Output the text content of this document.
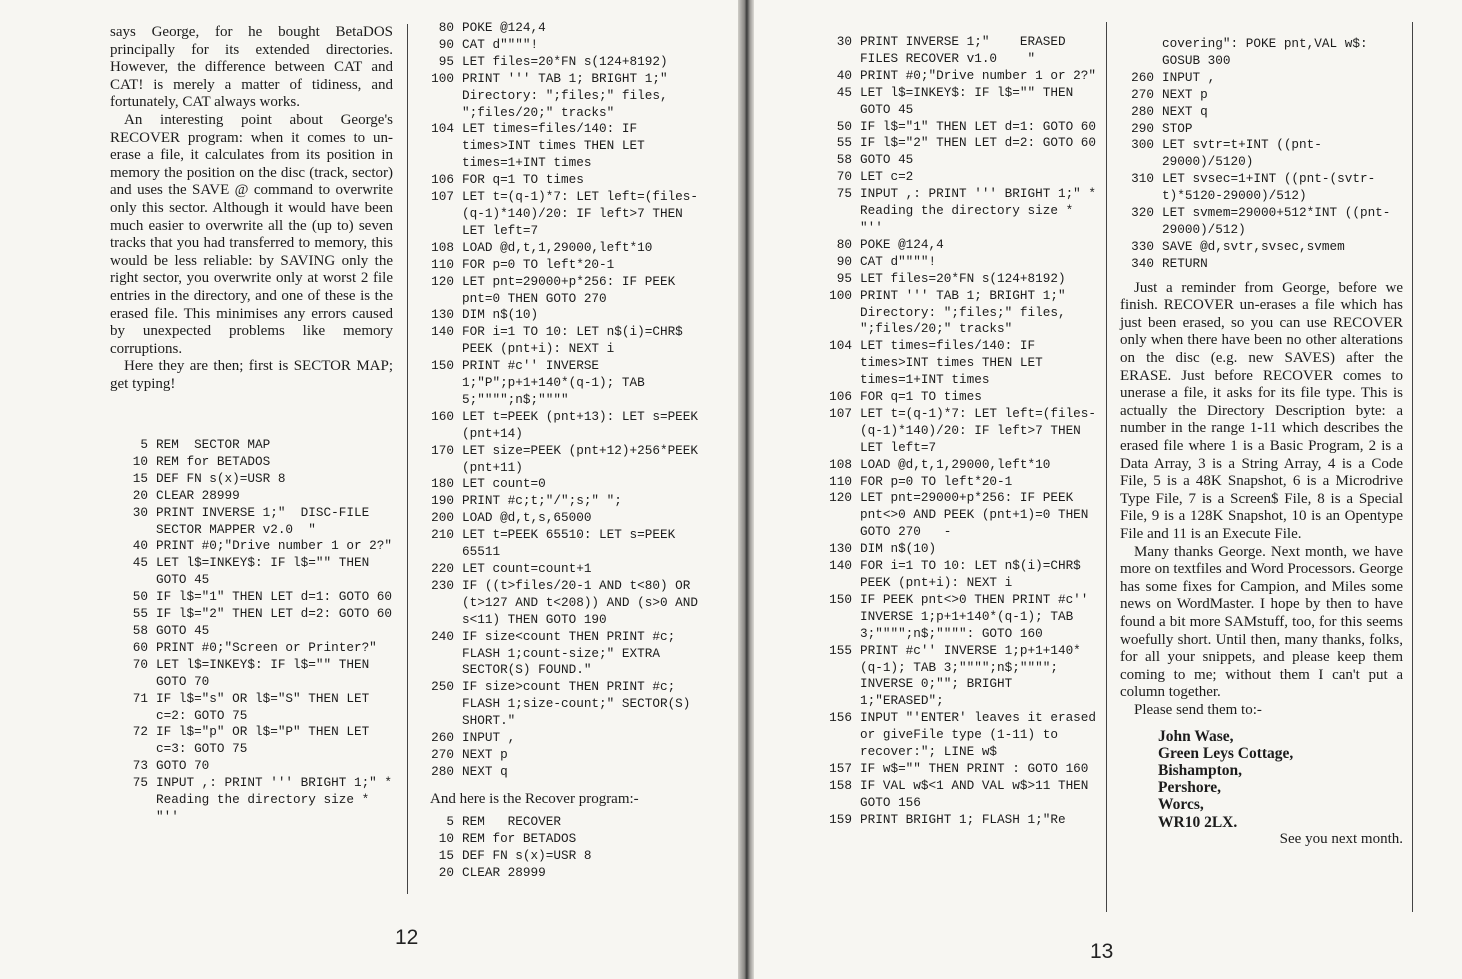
says George, for he bought BetaDOS principally for its extended directories. However, the difference between CAT and CAT! is merely a matter of tidiness, and fortunately, CAT always works.

An interesting point about George's RECOVER program: when it comes to un-erase a file, it calculates from its position in memory the position on the disc (track, sector) and uses the SAVE @ command to overwrite only this sector. Although it would have been much easier to overwrite all the (up to) seven tracks that you had transferred to memory, this would be less reliable: by SAVING only the right sector, you overwrite only at worst 2 file entries in the directory, and one of these is the erased file. This minimises any errors caused by unexpected problems like memory corruptions.

Here they are then; first is SECTOR MAP; get typing!

5 REM  SECTOR MAP
10 REM for BETADOS
15 DEF FN s(x)=USR 8
20 CLEAR 28999
30 PRINT INVERSE 1;"  DISC-FILE SECTOR MAPPER v2.0  "
40 PRINT #0;"Drive number 1 or 2?"
45 LET l$=INKEY$: IF l$="" THEN GOTO 45
50 IF l$="1" THEN LET d=1: GOTO 60
55 IF l$="2" THEN LET d=2: GOTO 60
58 GOTO 45
60 PRINT #0;"Screen or Printer?"
70 LET l$=INKEY$: IF l$="" THEN GOTO 70
71 IF l$="s" OR l$="S" THEN LET c=2: GOTO 75
72 IF l$="p" OR l$="P" THEN LET c=3: GOTO 75
73 GOTO 70
75 INPUT ,: PRINT ''' BRIGHT 1;" * Reading the directory size * "''
80 POKE @124,4
90 CAT d""""!
95 LET files=20*FN s(124+8192)
100 PRINT ''' TAB 1; BRIGHT 1;" Directory: ";files;" files, ";files/20;" tracks"
104 LET times=files/140: IF times>INT times THEN LET times=1+INT times
106 FOR q=1 TO times
107 LET t=(q-1)*7: LET left=(files-(q-1)*140)/20: IF left>7 THEN LET left=7
108 LOAD @d,t,1,29000,left*10
110 FOR p=0 TO left*20-1
120 LET pnt=29000+p*256: IF PEEK pnt=0 THEN GOTO 270
130 DIM n$(10)
140 FOR i=1 TO 10: LET n$(i)=CHR$ PEEK (pnt+i): NEXT i
150 PRINT #c'' INVERSE 1;"P";p+1+140*(q-1); TAB 5;"""";n$;""""
160 LET t=PEEK (pnt+13): LET s=PEEK (pnt+14)
170 LET size=PEEK (pnt+12)+256*PEEK (pnt+11)
180 LET count=0
190 PRINT #c;t;"/";s;" ";
200 LOAD @d,t,s,65000
210 LET t=PEEK 65510: LET s=PEEK 65511
220 LET count=count+1
230 IF ((t>files/20-1 AND t<80) OR (t>127 AND t<208)) AND (s>0 AND s<11) THEN GOTO 190
240 IF size<count THEN PRINT #c; FLASH 1;count-size;" EXTRA SECTOR(S) FOUND."
250 IF size>count THEN PRINT #c; FLASH 1;size-count;" SECTOR(S) SHORT."
260 INPUT ,
270 NEXT p
280 NEXT q

And here is the Recover program:-

5 REM   RECOVER
10 REM for BETADOS
15 DEF FN s(x)=USR 8
20 CLEAR 28999
12
30 PRINT INVERSE 1;"    ERASED FILES RECOVER v1.0    "
40 PRINT #0;"Drive number 1 or 2?"
45 LET l$=INKEY$: IF l$="" THEN GOTO 45
50 IF l$="1" THEN LET d=1: GOTO 60
55 IF l$="2" THEN LET d=2: GOTO 60
58 GOTO 45
70 LET c=2
75 INPUT ,: PRINT ''' BRIGHT 1;" * Reading the directory size * "''
80 POKE @124,4
90 CAT d""""!
95 LET files=20*FN s(124+8192)
100 PRINT ''' TAB 1; BRIGHT 1;" Directory: ";files;" files, ";files/20;" tracks"
104 LET times=files/140: IF times>INT times THEN LET times=1+INT times
106 FOR q=1 TO times
107 LET t=(q-1)*7: LET left=(files-(q-1)*140)/20: IF left>7 THEN LET left=7
108 LOAD @d,t,1,29000,left*10
110 FOR p=0 TO left*20-1
120 LET pnt=29000+p*256: IF PEEK pnt<>0 AND PEEK (pnt+1)=0 THEN GOTO 270   -
130 DIM n$(10)
140 FOR i=1 TO 10: LET n$(i)=CHR$ PEEK (pnt+i): NEXT i
150 IF PEEK pnt<>0 THEN PRINT #c'' INVERSE 1;p+1+140*(q-1); TAB 3;"""";n$;"""": GOTO 160
155 PRINT #c'' INVERSE 1;p+1+140*(q-1); TAB 3;"""";n$;""""; INVERSE 0;""; BRIGHT 1;"ERASED";
156 INPUT "'ENTER' leaves it erased or giveFile type (1-11) to recover:"; LINE w$
157 IF w$="" THEN PRINT : GOTO 160
158 IF VAL w$<1 AND VAL w$>11 THEN GOTO 156
159 PRINT BRIGHT 1; FLASH 1;"Re
covering": POKE pnt,VAL w$: GOSUB 300
260 INPUT ,
270 NEXT p
280 NEXT q
290 STOP
300 LET svtr=t+INT ((pnt-29000)/5120)
310 LET svsec=1+INT ((pnt-(svtr-t)*5120-29000)/512)
320 LET svmem=29000+512*INT ((pnt-29000)/512)
330 SAVE @d,svtr,svsec,svmem
340 RETURN

Just a reminder from George, before we finish. RECOVER un-erases a file which has just been erased, so you can use RECOVER only when there have been no other alterations on the disc (e.g. new SAVES) after the ERASE. Just before RECOVER comes to unerase a file, it asks for its file type. This is actually the Directory Description byte: a number in the range 1-11 which describes the erased file where 1 is a Basic Program, 2 is a Data Array, 3 is a String Array, 4 is a Code File, 5 is a 48K Snapshot, 6 is a Microdrive Type File, 7 is a Screen$ File, 8 is a Special File, 9 is a 128K Snapshot, 10 is an Opentype File and 11 is an Execute File.

Many thanks George. Next month, we have more on textfiles and Word Processors. George has some fixes for Campion, and Miles some news on WordMaster. I hope by then to have found a bit more SAMstuff, too, for this seems woefully short. Until then, many thanks, folks, for all your snippets, and please keep them coming to me; without them I can't put a column together.

Please send them to:-

John Wase,
Green Leys Cottage,
Bishampton,
Pershore,
Worcs,
WR10 2LX.

See you next month.

13
